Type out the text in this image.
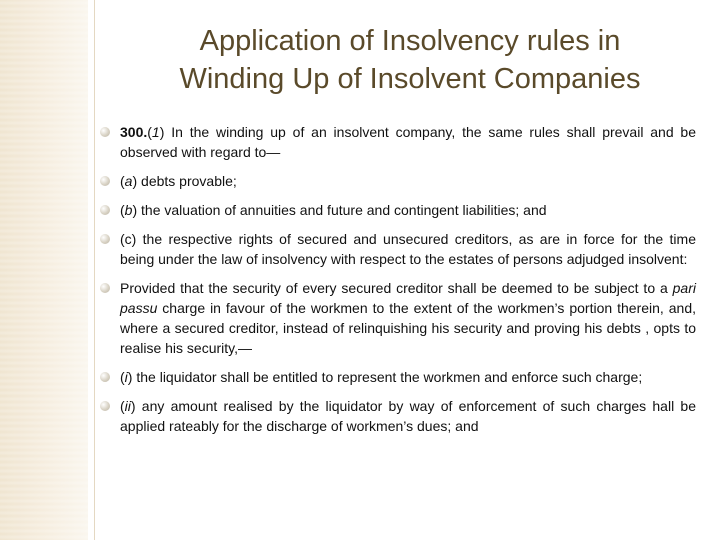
Application of Insolvency rules in
Winding Up of Insolvent Companies
300.(1) In the winding up of an insolvent company, the same rules shall prevail and be observed with regard to—
(a) debts provable;
(b) the valuation of annuities and future and contingent liabilities; and
(c) the respective rights of secured and unsecured creditors, as are in force for the time being under the law of insolvency with respect to the estates of persons adjudged insolvent:
Provided that the security of every secured creditor shall be deemed to be subject to a pari passu charge in favour of the workmen to the extent of the workmen’s portion therein, and, where a secured creditor, instead of relinquishing his security and proving his debts , opts to realise his security,—
(i) the liquidator shall be entitled to represent the workmen and enforce such charge;
(ii) any amount realised by the liquidator by way of enforcement of such charges hall be applied rateably for the discharge of workmen’s dues; and
